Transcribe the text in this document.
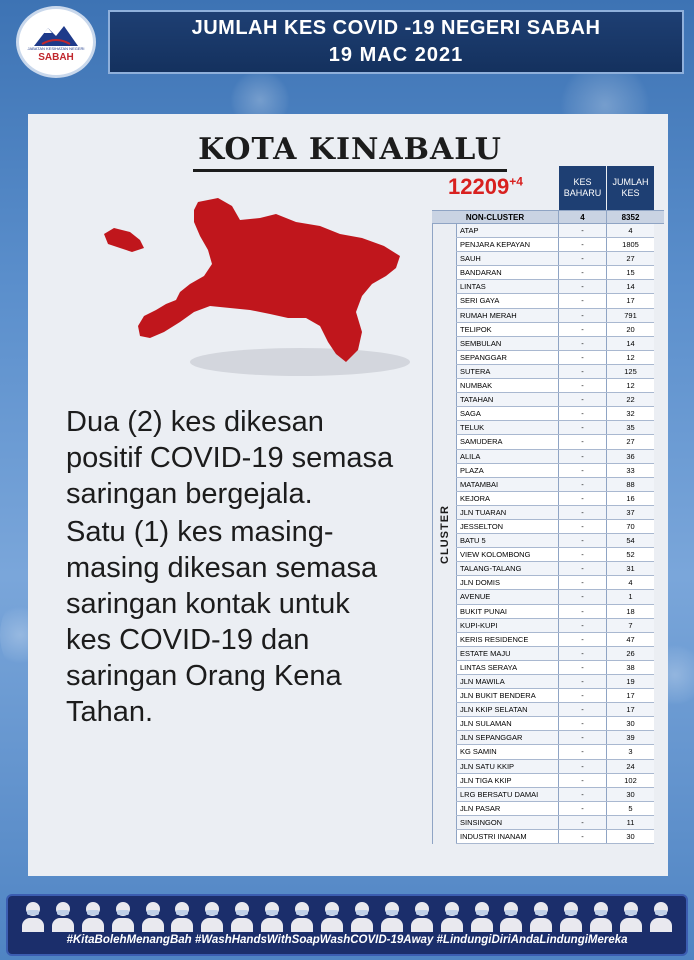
JABATAN KESIHATAN NEGERI
SABAH
JUMLAH KES COVID -19 NEGERI SABAH
19 MAC 2021
KOTA KINABALU
$12209^{+4}$

Dua (2) kes dikesan positif COVID-19 semasa saringan bergejala.

Satu (1) kes masing-masing dikesan semasa saringan kontak untuk kes COVID-19 dan saringan Orang Kena Tahan.

KES BAHARU
JUMLAH KES
NON-CLUSTER	4	8352
CLUSTER
ATAP	-	4
PENJARA KEPAYAN	-	1805
SAUH	-	27
BANDARAN	-	15
LINTAS	-	14
SERI GAYA	-	17
RUMAH MERAH	-	791
TELIPOK	-	20
SEMBULAN	-	14
SEPANGGAR	-	12
SUTERA	-	125
NUMBAK	-	12
TATAHAN	-	22
SAGA	-	32
TELUK	-	35
SAMUDERA	-	27
ALILA	-	36
PLAZA	-	33
MATAMBAI	-	88
KEJORA	-	16
JLN TUARAN	-	37
JESSELTON	-	70
BATU 5	-	54
VIEW KOLOMBONG	-	52
TALANG-TALANG	-	31
JLN DOMIS	-	4
AVENUE	-	1
BUKIT PUNAI	-	18
KUPI-KUPI	-	7
KERIS RESIDENCE	-	47
ESTATE MAJU	-	26
LINTAS SERAYA	-	38
JLN MAWILA	-	19
JLN BUKIT BENDERA	-	17
JLN KKIP SELATAN	-	17
JLN SULAMAN	-	30
JLN SEPANGGAR	-	39
KG SAMIN	-	3
JLN SATU KKIP	-	24
JLN TIGA KKIP	-	102
LRG BERSATU DAMAI	-	30
JLN PASAR	-	5
SINSINGON	-	11
INDUSTRI INANAM	-	30
#KitaBolehMenangBah #WashHandsWithSoapWashCOVID-19Away #LindungiDiriAndaLindungiMereka
